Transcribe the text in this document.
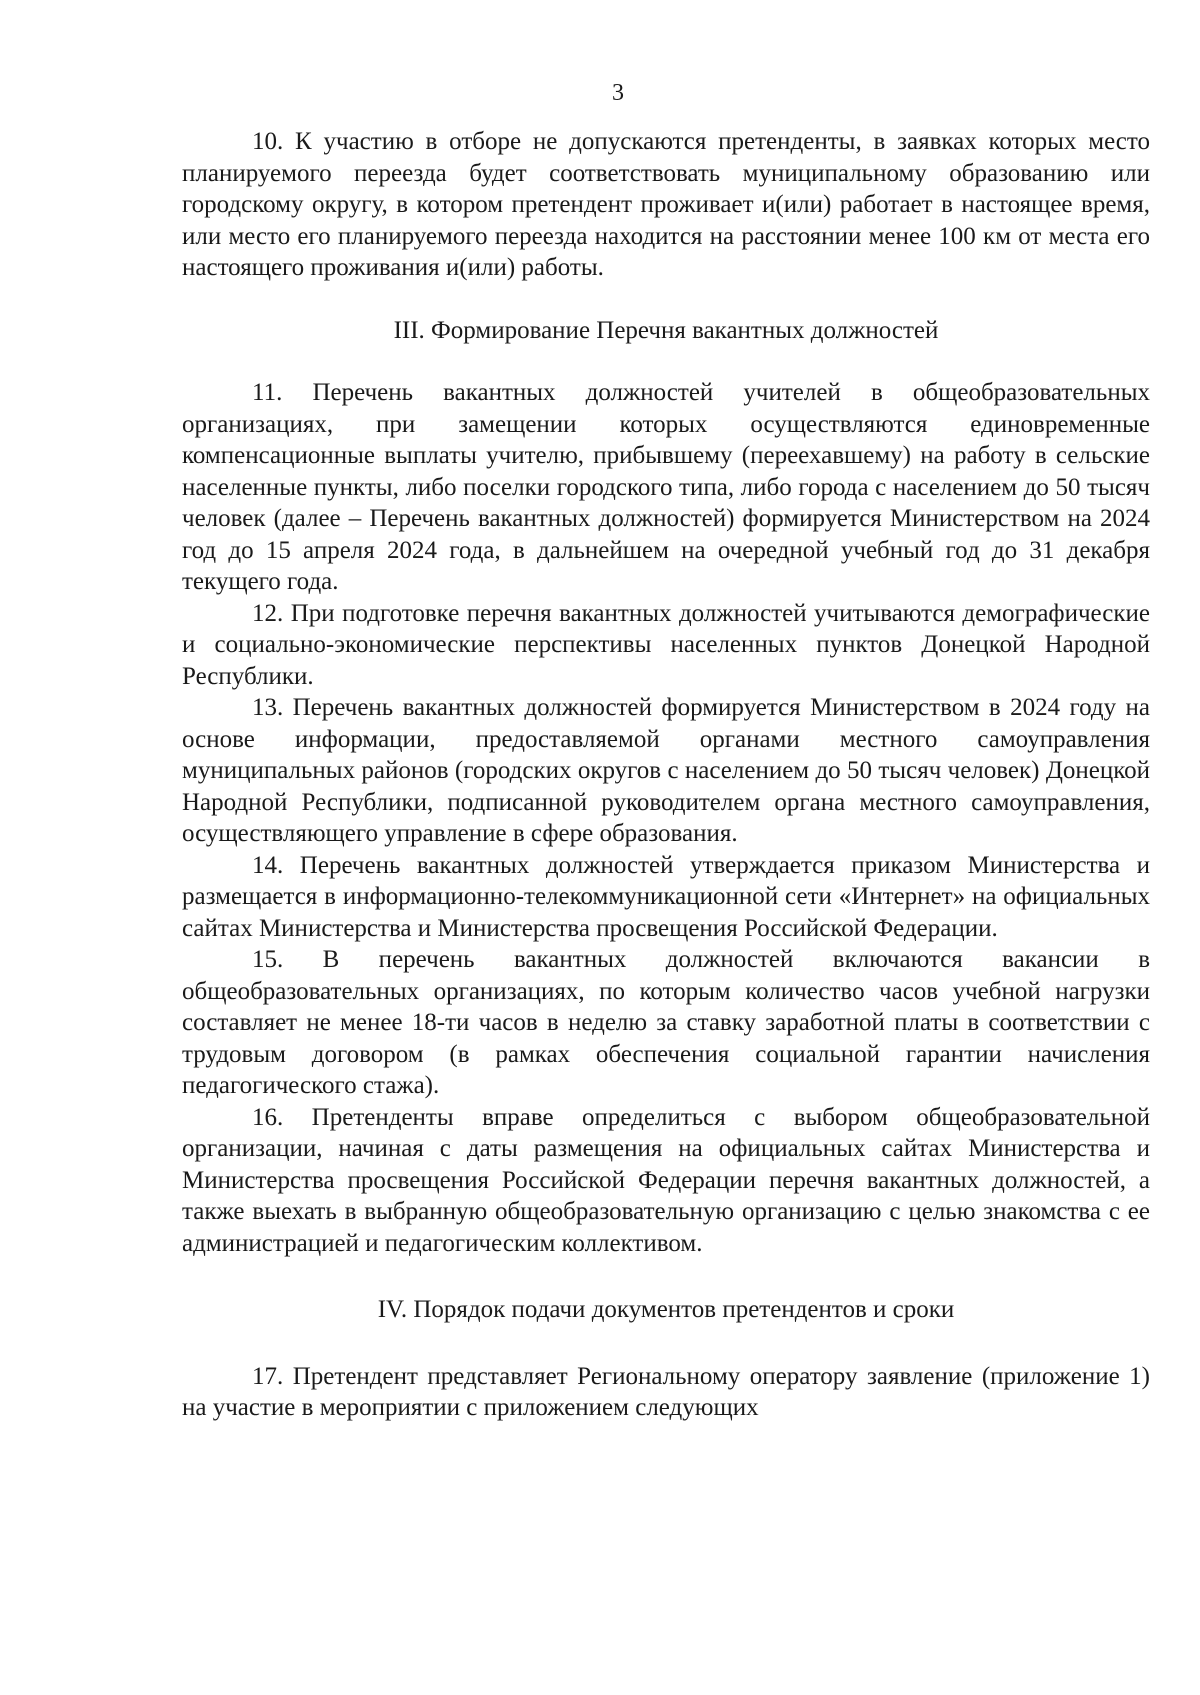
3

10. К участию в отборе не допускаются претенденты, в заявках которых место планируемого переезда будет соответствовать муниципальному образованию или городскому округу, в котором претендент проживает и(или) работает в настоящее время, или место его планируемого переезда находится на расстоянии менее 100 км от места его настоящего проживания и(или) работы.

III. Формирование Перечня вакантных должностей

11. Перечень вакантных должностей учителей в общеобразовательных организациях, при замещении которых осуществляются единовременные компенсационные выплаты учителю, прибывшему (переехавшему) на работу в сельские населенные пункты, либо поселки городского типа, либо города с населением до 50 тысяч человек (далее – Перечень вакантных должностей) формируется Министерством на 2024 год до 15 апреля 2024 года, в дальнейшем на очередной учебный год до 31 декабря текущего года.

12. При подготовке перечня вакантных должностей учитываются демографические и социально-экономические перспективы населенных пунктов Донецкой Народной Республики.

13. Перечень вакантных должностей формируется Министерством в 2024 году на основе информации, предоставляемой органами местного самоуправления муниципальных районов (городских округов с населением до 50 тысяч человек) Донецкой Народной Республики, подписанной руководителем органа местного самоуправления, осуществляющего управление в сфере образования.

14. Перечень вакантных должностей утверждается приказом Министерства и размещается в информационно-телекоммуникационной сети «Интернет» на официальных сайтах Министерства и Министерства просвещения Российской Федерации.

15. В перечень вакантных должностей включаются вакансии в общеобразовательных организациях, по которым количество часов учебной нагрузки составляет не менее 18-ти часов в неделю за ставку заработной платы в соответствии с трудовым договором (в рамках обеспечения социальной гарантии начисления педагогического стажа).

16. Претенденты вправе определиться с выбором общеобразовательной организации, начиная с даты размещения на официальных сайтах Министерства и Министерства просвещения Российской Федерации перечня вакантных должностей, а также выехать в выбранную общеобразовательную организацию с целью знакомства с ее администрацией и педагогическим коллективом.

IV. Порядок подачи документов претендентов и сроки

17. Претендент представляет Региональному оператору заявление (приложение 1) на участие в мероприятии с приложением следующих
